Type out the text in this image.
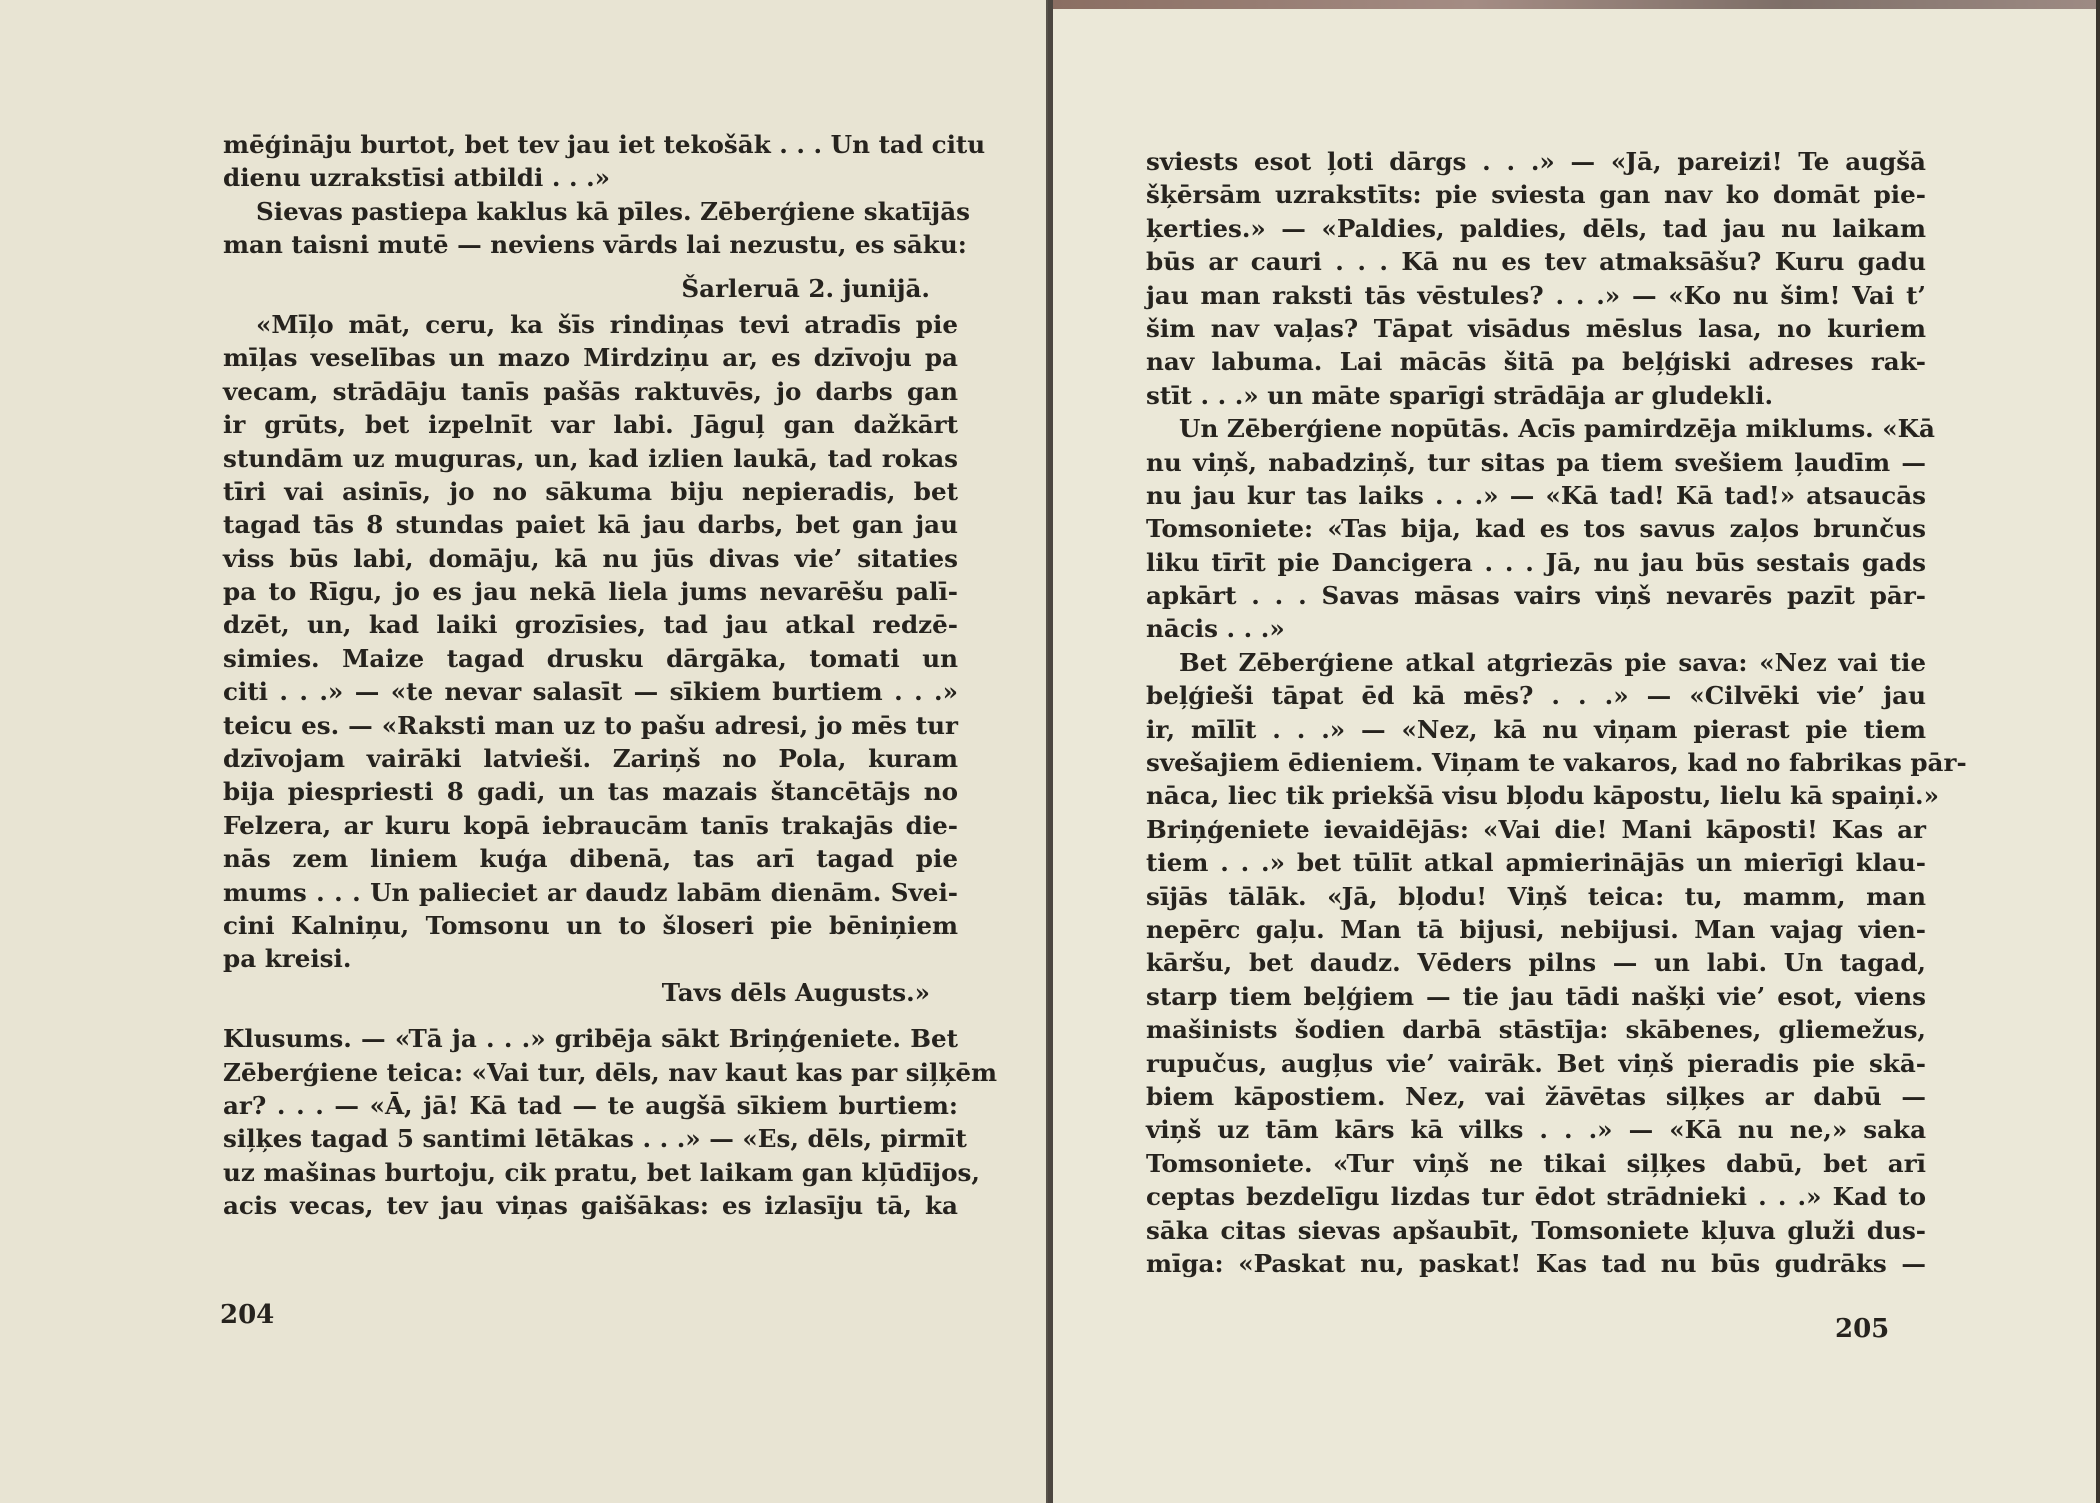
mēģināju burtot, bet tev jau iet tekošāk . . . Un tad citu
dienu uzrakstīsi atbildi . . .»
Sievas pastiepa kaklus kā pīles. Zēberģiene skatījās
man taisni mutē — neviens vārds lai nezustu, es sāku:
Šarleruā 2. junijā.
«Mīļo māt, ceru, ka šīs rindiņas tevi atradīs pie
mīļas veselības un mazo Mirdziņu ar, es dzīvoju pa
vecam, strādāju tanīs pašās raktuvēs, jo darbs gan
ir grūts, bet izpelnīt var labi. Jāguļ gan dažkārt
stundām uz muguras, un, kad izlien laukā, tad rokas
tīri vai asinīs, jo no sākuma biju nepieradis, bet
tagad tās 8 stundas paiet kā jau darbs, bet gan jau
viss būs labi, domāju, kā nu jūs divas vie’ sitaties
pa to Rīgu, jo es jau nekā liela jums nevarēšu palī-
dzēt, un, kad laiki grozīsies, tad jau atkal redzē-
simies. Maize tagad drusku dārgāka, tomati un
citi . . .» — «te nevar salasīt — sīkiem burtiem . . .»
teicu es. — «Raksti man uz to pašu adresi, jo mēs tur
dzīvojam vairāki latvieši. Zariņš no Pola, kuram
bija piespriesti 8 gadi, un tas mazais štancētājs no
Felzera, ar kuru kopā iebraucām tanīs trakajās die-
nās zem liniem kuģa dibenā, tas arī tagad pie
mums . . . Un palieciet ar daudz labām dienām. Svei-
cini Kalniņu, Tomsonu un to šloseri pie bēniņiem
pa kreisi.
Tavs dēls Augusts.»
Klusums. — «Tā ja . . .» gribēja sākt Briņģeniete. Bet
Zēberģiene teica: «Vai tur, dēls, nav kaut kas par siļķēm
ar? . . . — «Ā, jā! Kā tad — te augšā sīkiem burtiem:
siļķes tagad 5 santimi lētākas . . .» — «Es, dēls, pirmīt
uz mašinas burtoju, cik pratu, bet laikam gan kļūdījos,
acis vecas, tev jau viņas gaišākas: es izlasīju tā, ka
sviests esot ļoti dārgs . . .» — «Jā, pareizi! Te augšā
šķērsām uzrakstīts: pie sviesta gan nav ko domāt pie-
ķerties.» — «Paldies, paldies, dēls, tad jau nu laikam
būs ar cauri . . . Kā nu es tev atmaksāšu? Kuru gadu
jau man raksti tās vēstules? . . .» — «Ko nu šim! Vai t’
šim nav vaļas? Tāpat visādus mēslus lasa, no kuriem
nav labuma. Lai mācās šitā pa beļģiski adreses rak-
stīt . . .» un māte sparīgi strādāja ar gludekli.
Un Zēberģiene nopūtās. Acīs pamirdzēja miklums. «Kā
nu viņš, nabadziņš, tur sitas pa tiem svešiem ļaudīm —
nu jau kur tas laiks . . .» — «Kā tad! Kā tad!» atsaucās
Tomsoniete: «Tas bija, kad es tos savus zaļos brunčus
liku tīrīt pie Dancigera . . . Jā, nu jau būs sestais gads
apkārt . . . Savas māsas vairs viņš nevarēs pazīt pār-
nācis . . .»
Bet Zēberģiene atkal atgriezās pie sava: «Nez vai tie
beļģieši tāpat ēd kā mēs? . . .» — «Cilvēki vie’ jau
ir, mīlīt . . .» — «Nez, kā nu viņam pierast pie tiem
svešajiem ēdieniem. Viņam te vakaros, kad no fabrikas pār-
nāca, liec tik priekšā visu bļodu kāpostu, lielu kā spaiņi.»
Briņģeniete ievaidējās: «Vai die! Mani kāposti! Kas ar
tiem . . .» bet tūlīt atkal apmierinājās un mierīgi klau-
sījās tālāk. «Jā, bļodu! Viņš teica: tu, mamm, man
nepērc gaļu. Man tā bijusi, nebijusi. Man vajag vien-
kāršu, bet daudz. Vēders pilns — un labi. Un tagad,
starp tiem beļģiem — tie jau tādi našķi vie’ esot, viens
mašinists šodien darbā stāstīja: skābenes, gliemežus,
rupučus, augļus vie’ vairāk. Bet viņš pieradis pie skā-
biem kāpostiem. Nez, vai žāvētas siļķes ar dabū —
viņš uz tām kārs kā vilks . . .» — «Kā nu ne,» saka
Tomsoniete. «Tur viņš ne tikai siļķes dabū, bet arī
ceptas bezdelīgu lizdas tur ēdot strādnieki . . .» Kad to
sāka citas sievas apšaubīt, Tomsoniete kļuva gluži dus-
mīga: «Paskat nu, paskat! Kas tad nu būs gudrāks —
204	205
